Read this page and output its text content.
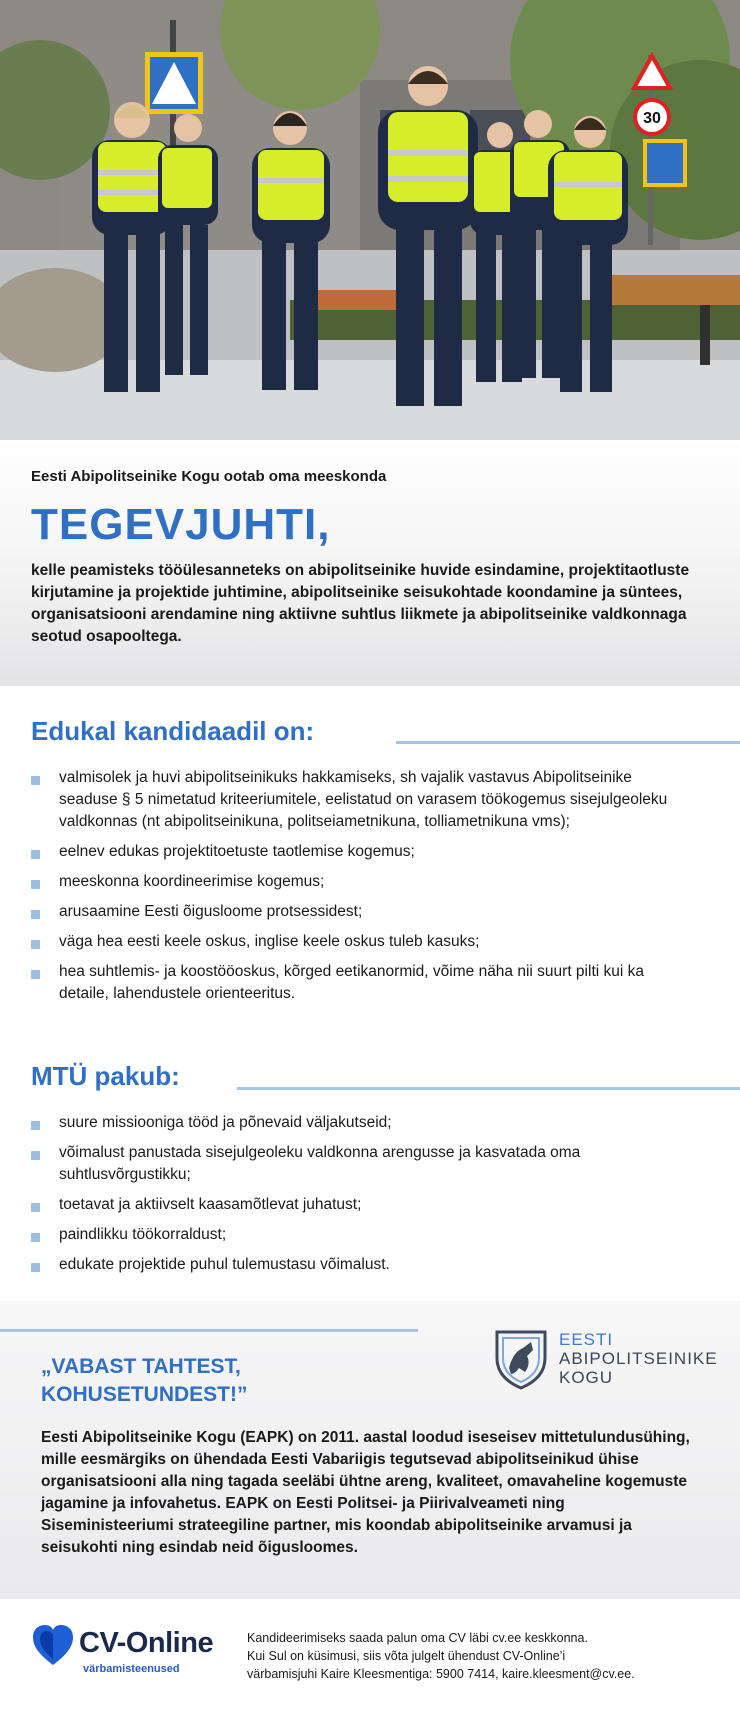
30
Eesti Abipolitseinike Kogu ootab oma meeskonda
TEGEVJUHTI,
kelle peamisteks tööülesanneteks on abipolitseinike huvide esindamine, projektitaotluste kirjutamine ja projektide juhtimine, abipolitseinike seisukohtade koondamine ja süntees, organisatsiooni arendamine ning aktiivne suhtlus liikmete ja abipolitseinike valdkonnaga seotud osapooltega.
Edukal kandidaadil on:
valmisolek ja huvi abipolitseinikuks hakkamiseks, sh vajalik vastavus Abipolitseinike seaduse § 5 nimetatud kriteeriumitele, eelistatud on varasem töökogemus sisejulgeoleku valdkonnas (nt abipolitseinikuna, politseiametnikuna, tolliametnikuna vms);
eelnev edukas projektitoetuste taotlemise kogemus;
meeskonna koordineerimise kogemus;
arusaamine Eesti õigusloome protsessidest;
väga hea eesti keele oskus, inglise keele oskus tuleb kasuks;
hea suhtlemis- ja koostööoskus, kõrged eetikanormid, võime näha nii suurt pilti kui ka detaile, lahendustele orienteeritus.
MTÜ pakub:
suure missiooniga tööd ja põnevaid väljakutseid;
võimalust panustada sisejulgeoleku valdkonna arengusse ja kasvatada oma suhtlusvõrgustikku;
toetavat ja aktiivselt kaasamõtlevat juhatust;
paindlikku töökorraldust;
edukate projektide puhul tulemustasu võimalust.
„VABAST TAHTEST,
KOHUSETUNDEST!”
EESTI
ABIPOLITSEINIKE
KOGU
Eesti Abipolitseinike Kogu (EAPK) on 2011. aastal loodud iseseisev mittetulundusühing, mille eesmärgiks on ühendada Eesti Vabariigis tegutsevad abipolitseinikud ühise organisatsiooni alla ning tagada seeläbi ühtne areng, kvaliteet, omavaheline kogemuste jagamine ja infovahetus. EAPK on Eesti Politsei- ja Piirivalveameti ning Siseministeeriumi strateegiline partner, mis koondab abipolitseinike arvamusi ja seisukohti ning esindab neid õigusloomes.
CV-Online
värbamisteenused
Kandideerimiseks saada palun oma CV läbi cv.ee keskkonna.
Kui Sul on küsimusi, siis võta julgelt ühendust CV-Online’i
värbamisjuhi Kaire Kleesmentiga: 5900 7414, kaire.kleesment@cv.ee.
